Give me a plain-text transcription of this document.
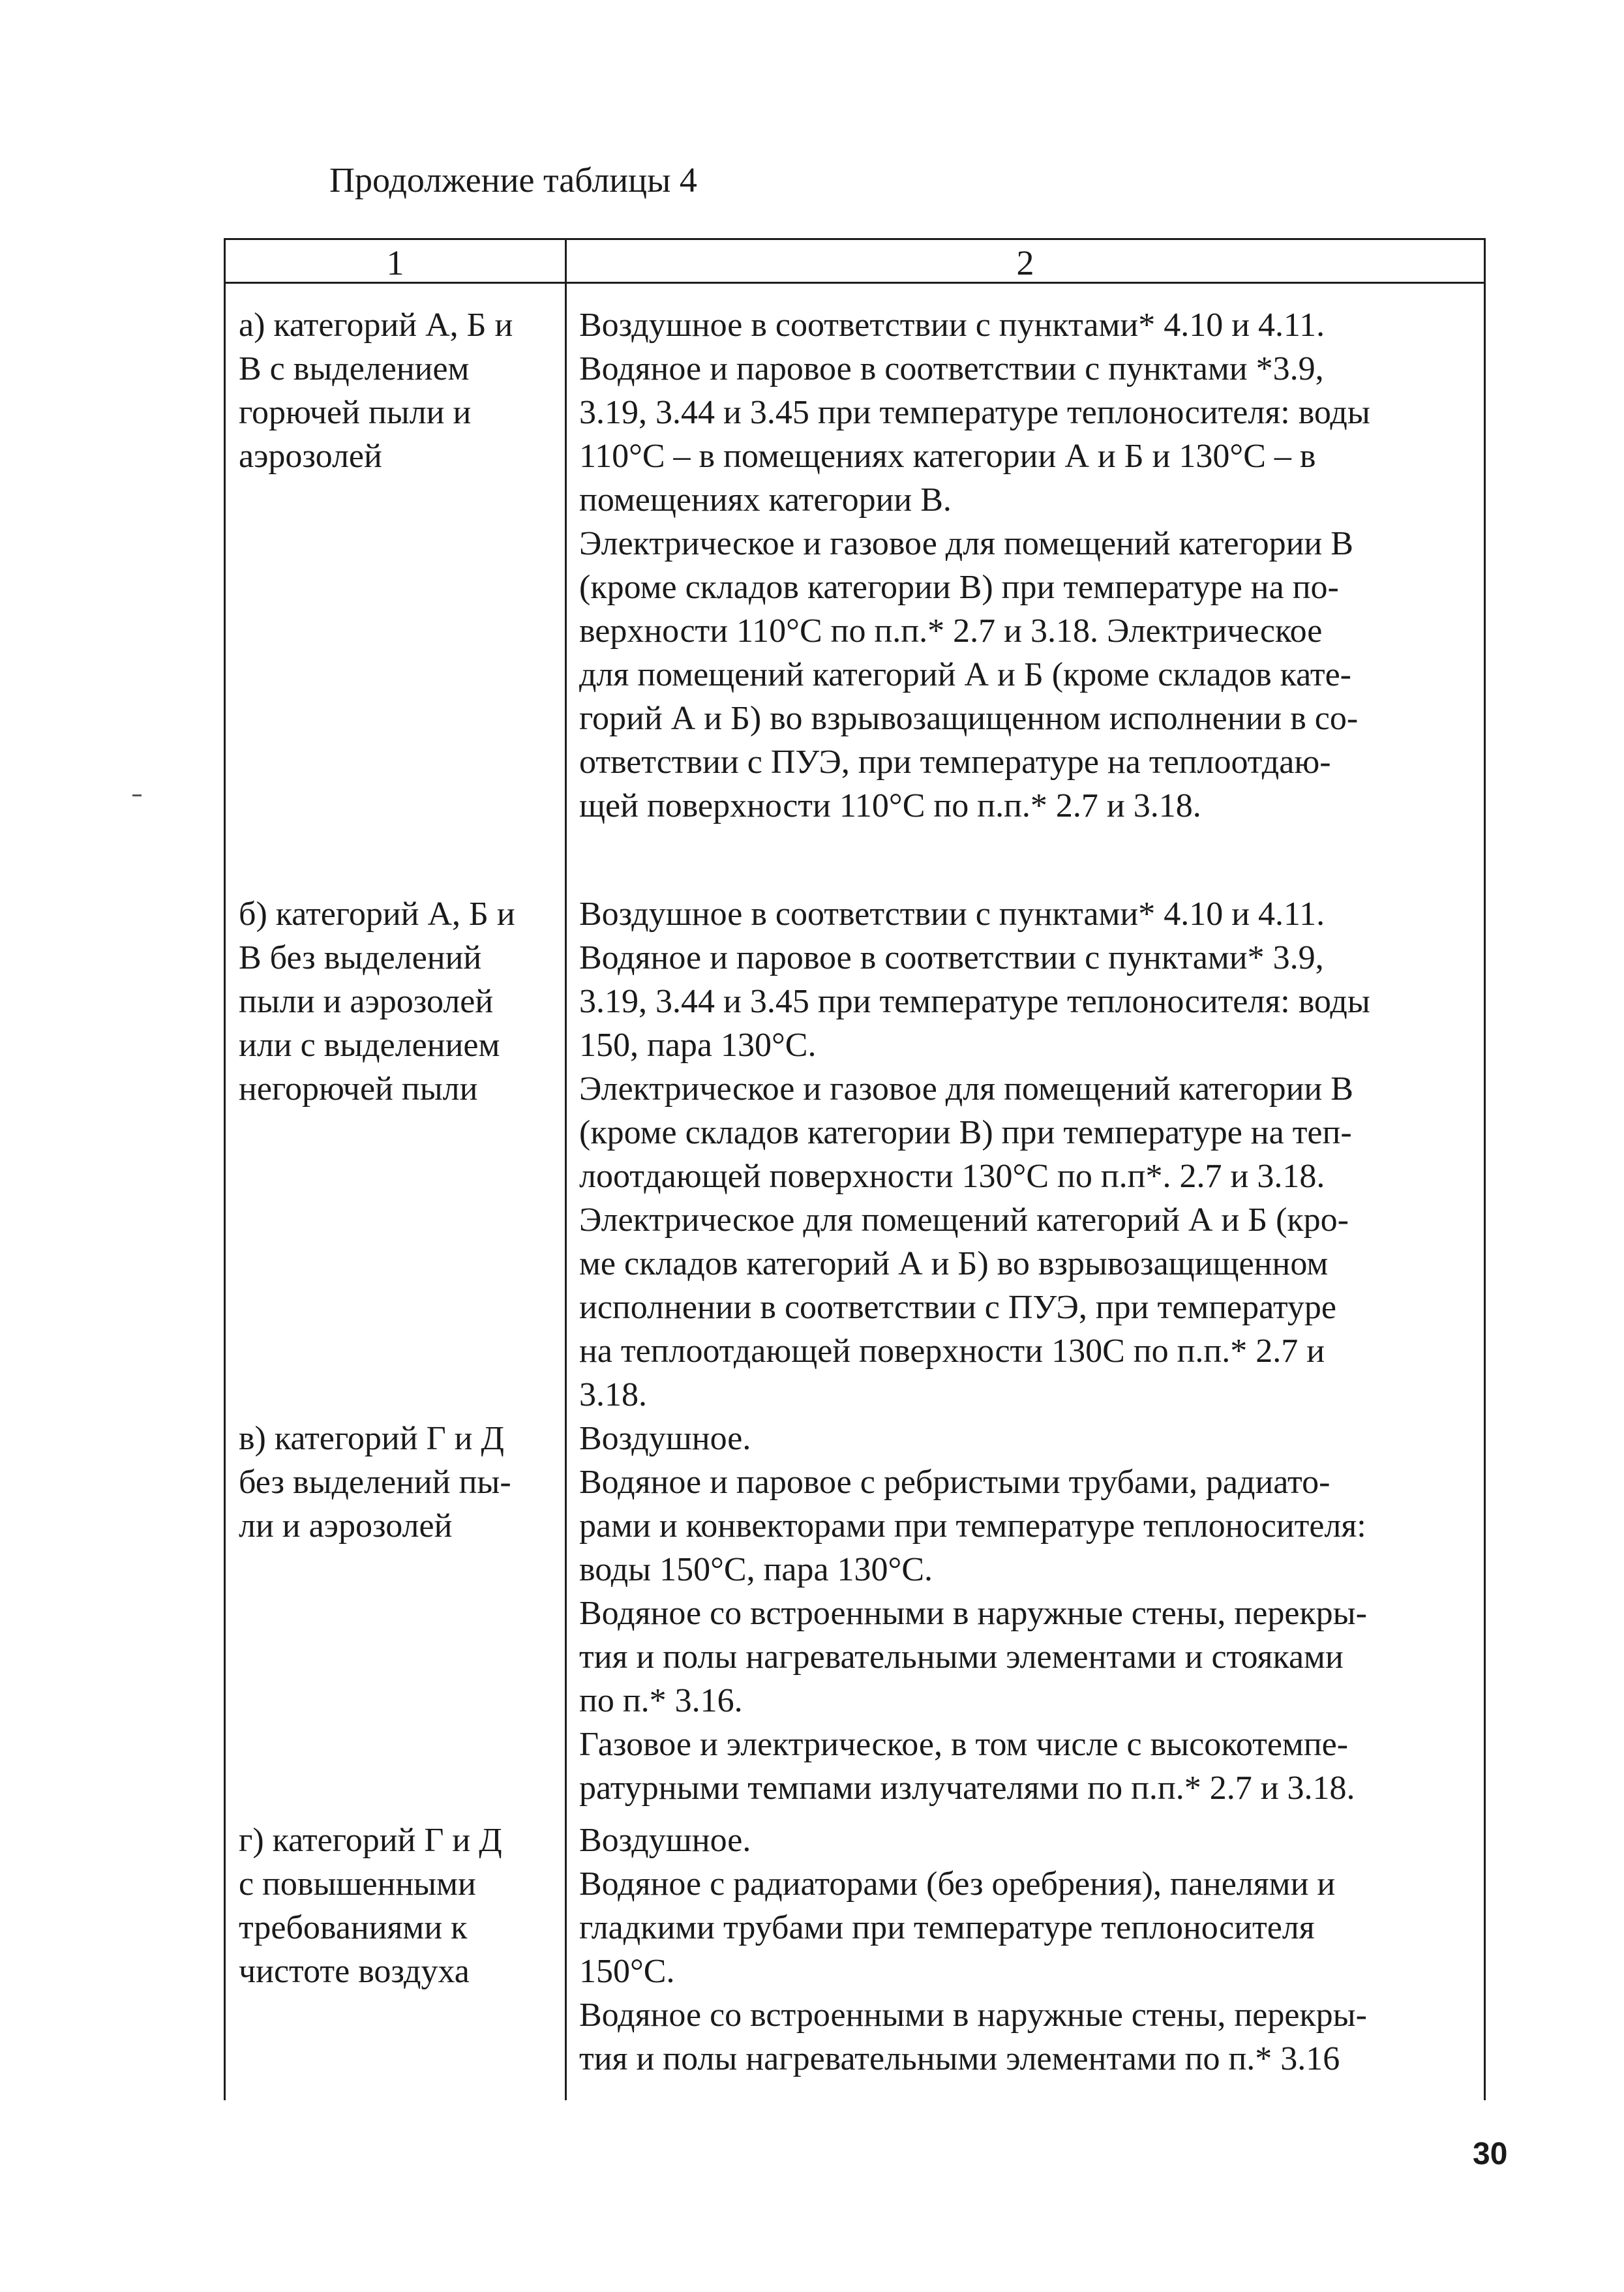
Продолжение таблицы 4
1	2
а) категорий А, Б и
В с выделением
горючей пыли и
аэрозолей
Воздушное в соответствии с пунктами* 4.10 и 4.11.
Водяное и паровое в соответствии с пунктами *3.9,
3.19, 3.44 и 3.45 при температуре теплоносителя: воды
110°С – в помещениях категории А и Б и 130°С – в
помещениях категории В.
Электрическое и газовое для помещений категории В
(кроме складов категории В) при температуре на по-
верхности 110°С по п.п.* 2.7 и 3.18. Электрическое
для помещений категорий А и Б (кроме складов кате-
горий А и Б) во взрывозащищенном исполнении в со-
ответствии с ПУЭ, при температуре на теплоотдаю-
щей поверхности 110°С по п.п.* 2.7 и 3.18.
б) категорий А, Б и
В без выделений
пыли и аэрозолей
или с выделением
негорючей пыли
Воздушное в соответствии с пунктами* 4.10 и 4.11.
Водяное и паровое в соответствии с пунктами* 3.9,
3.19, 3.44 и 3.45 при температуре теплоносителя: воды
150, пара 130°С.
Электрическое и газовое для помещений категории В
(кроме складов категории В) при температуре на теп-
лоотдающей поверхности 130°С по п.п*. 2.7 и 3.18.
Электрическое для помещений категорий А и Б (кро-
ме складов категорий А и Б) во взрывозащищенном
исполнении в соответствии с ПУЭ, при температуре
на теплоотдающей поверхности 130С по п.п.* 2.7 и
3.18.
в) категорий Г и Д
без выделений пы-
ли и аэрозолей
Воздушное.
Водяное и паровое с ребристыми трубами, радиато-
рами и конвекторами при температуре теплоносителя:
воды 150°С, пара 130°С.
Водяное со встроенными в наружные стены, перекры-
тия и полы нагревательными элементами и стояками
по п.* 3.16.
Газовое и электрическое, в том числе с высокотемпе-
ратурными темпами излучателями по п.п.* 2.7 и 3.18.
г) категорий Г и Д
с повышенными
требованиями к
чистоте воздуха
Воздушное.
Водяное с радиаторами (без оребрения), панелями и
гладкими трубами при температуре теплоносителя
150°С.
Водяное со встроенными в наружные стены, перекры-
тия и полы нагревательными элементами по п.* 3.16
30
